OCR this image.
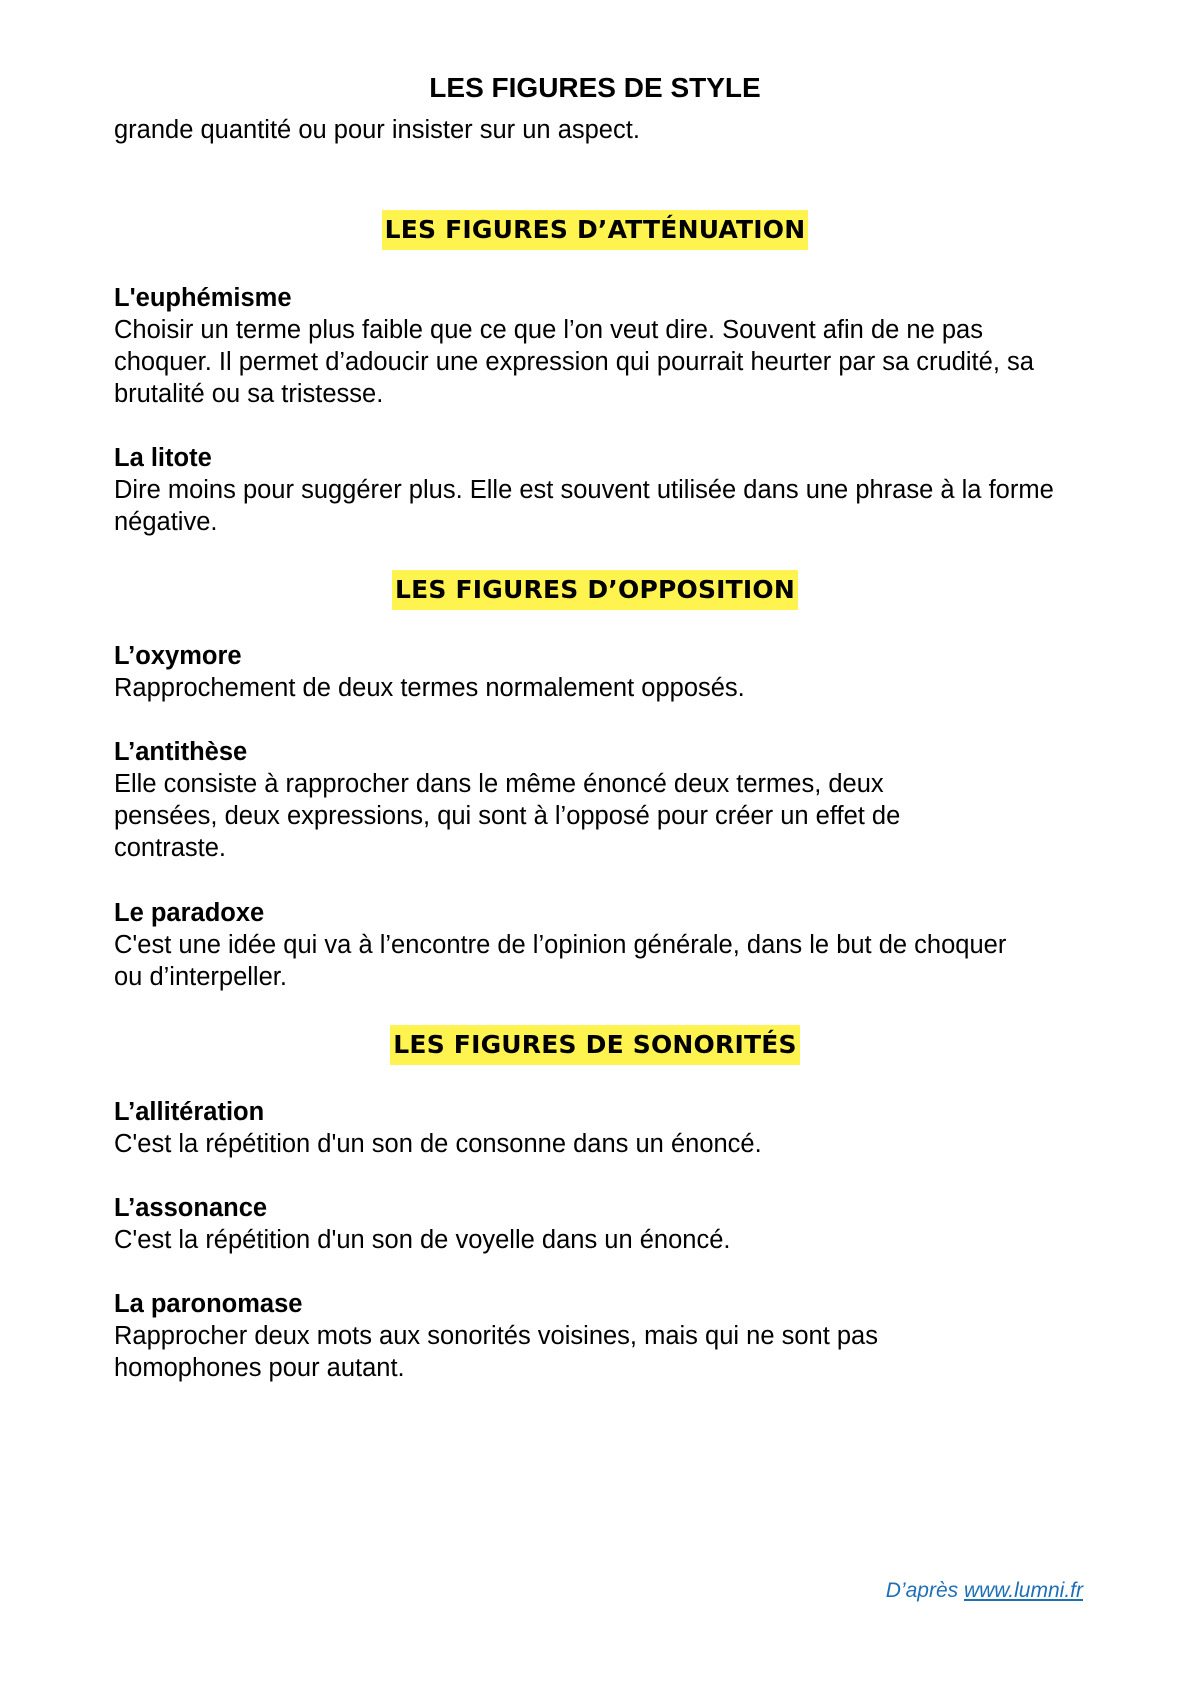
LES FIGURES DE STYLE

grande quantité ou pour insister sur un aspect.

LES FIGURES D’ATTÉNUATION

L'euphémisme

Choisir un terme plus faible que ce que l’on veut dire. Souvent afin de ne pas choquer. Il permet d’adoucir une expression qui pourrait heurter par sa crudité, sa brutalité ou sa tristesse.

La litote

Dire moins pour suggérer plus. Elle est souvent utilisée dans une phrase à la forme négative.

LES FIGURES D’OPPOSITION

L’oxymore

Rapprochement de deux termes normalement opposés.

L’antithèse

Elle consiste à rapprocher dans le même énoncé deux termes, deux pensées, deux expressions, qui sont à l’opposé pour créer un effet de contraste.

Le paradoxe

C'est une idée qui va à l’encontre de l’opinion générale, dans le but de choquer ou d’interpeller.

LES FIGURES DE SONORITÉS

L’allitération

C'est la répétition d'un son de consonne dans un énoncé.

L’assonance

C'est la répétition d'un son de voyelle dans un énoncé.

La paronomase

Rapprocher deux mots aux sonorités voisines, mais qui ne sont pas homophones pour autant.

D’après www.lumni.fr
